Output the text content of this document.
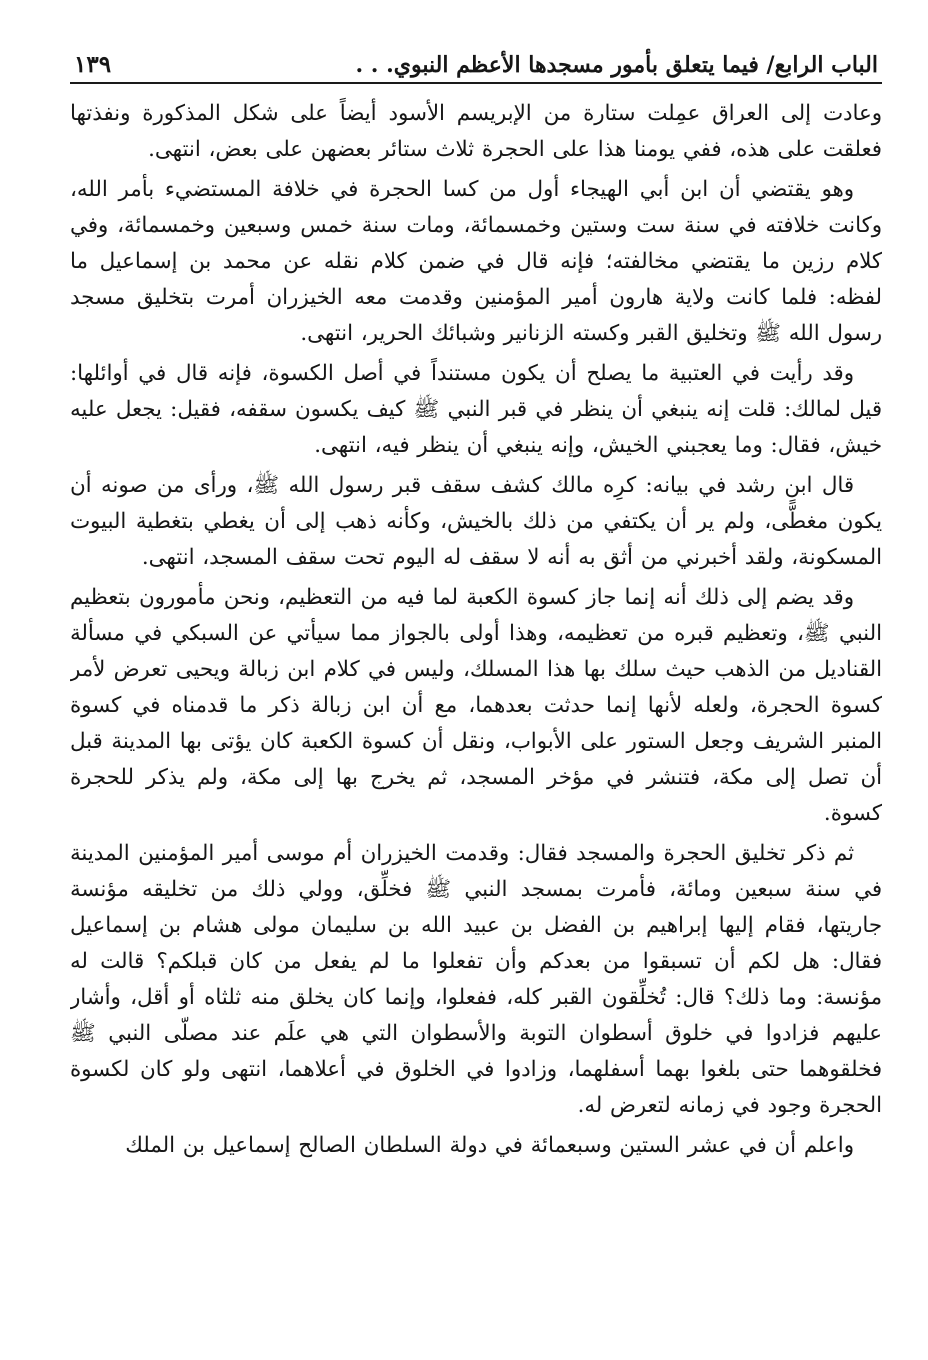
الباب الرابع/ فيما يتعلق بأمور مسجدها الأعظم النبوي. . .
١٣٩

وعادت إلى العراق عمِلت ستارة من الإبريسم الأسود أيضاً على شكل المذكورة ونفذتها فعلقت على هذه، ففي يومنا هذا على الحجرة ثلاث ستائر بعضهن على بعض، انتهى.

وهو يقتضي أن ابن أبي الهيجاء أول من كسا الحجرة في خلافة المستضيء بأمر الله، وكانت خلافته في سنة ست وستين وخمسمائة، ومات سنة خمس وسبعين وخمسمائة، وفي كلام رزين ما يقتضي مخالفته؛ فإنه قال في ضمن كلام نقله عن محمد بن إسماعيل ما لفظه: فلما كانت ولاية هارون أمير المؤمنين وقدمت معه الخيزران أمرت بتخليق مسجد رسول الله ﷺ وتخليق القبر وكسته الزنانير وشبائك الحرير، انتهى.

وقد رأيت في العتبية ما يصلح أن يكون مستنداً في أصل الكسوة، فإنه قال في أوائلها: قيل لمالك: قلت إنه ينبغي أن ينظر في قبر النبي ﷺ كيف يكسون سقفه، فقيل: يجعل عليه خيش، فقال: وما يعجبني الخيش، وإنه ينبغي أن ينظر فيه، انتهى.

قال ابن رشد في بيانه: كرِه مالك كشف سقف قبر رسول الله ﷺ، ورأى من صونه أن يكون مغطًّى، ولم ير أن يكتفي من ذلك بالخيش، وكأنه ذهب إلى أن يغطي بتغطية البيوت المسكونة، ولقد أخبرني من أثق به أنه لا سقف له اليوم تحت سقف المسجد، انتهى.

وقد يضم إلى ذلك أنه إنما جاز كسوة الكعبة لما فيه من التعظيم، ونحن مأمورون بتعظيم النبي ﷺ، وتعظيم قبره من تعظيمه، وهذا أولى بالجواز مما سيأتي عن السبكي في مسألة القناديل من الذهب حيث سلك بها هذا المسلك، وليس في كلام ابن زبالة ويحيى تعرض لأمر كسوة الحجرة، ولعله لأنها إنما حدثت بعدهما، مع أن ابن زبالة ذكر ما قدمناه في كسوة المنبر الشريف وجعل الستور على الأبواب، ونقل أن كسوة الكعبة كان يؤتى بها المدينة قبل أن تصل إلى مكة، فتنشر في مؤخر المسجد، ثم يخرج بها إلى مكة، ولم يذكر للحجرة كسوة.

ثم ذكر تخليق الحجرة والمسجد فقال: وقدمت الخيزران أم موسى أمير المؤمنين المدينة في سنة سبعين ومائة، فأمرت بمسجد النبي ﷺ فخلِّق، وولي ذلك من تخليقه مؤنسة جاريتها، فقام إليها إبراهيم بن الفضل بن عبيد الله بن سليمان مولى هشام بن إسماعيل فقال: هل لكم أن تسبقوا من بعدكم وأن تفعلوا ما لم يفعل من كان قبلكم؟ قالت له مؤنسة: وما ذلك؟ قال: تُخلِّقون القبر كله، ففعلوا، وإنما كان يخلق منه ثلثاه أو أقل، وأشار عليهم فزادوا في خلوق أسطوان التوبة والأسطوان التي هي علَم عند مصلّى النبي ﷺ فخلقوهما حتى بلغوا بهما أسفلهما، وزادوا في الخلوق في أعلاهما، انتهى ولو كان لكسوة الحجرة وجود في زمانه لتعرض له.

واعلم أن في عشر الستين وسبعمائة في دولة السلطان الصالح إسماعيل بن الملك
